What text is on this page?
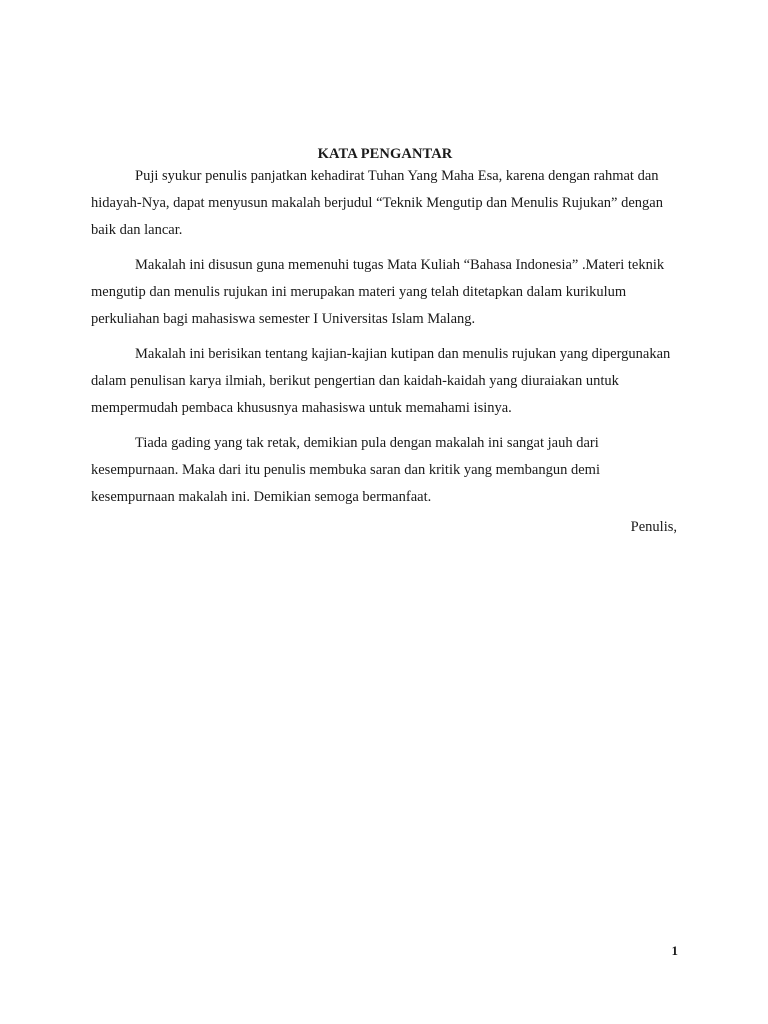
KATA PENGANTAR

Puji syukur penulis panjatkan kehadirat Tuhan Yang Maha Esa, karena dengan rahmat dan hidayah-Nya, dapat menyusun makalah berjudul “Teknik Mengutip dan Menulis Rujukan” dengan baik dan lancar.

Makalah ini disusun guna memenuhi tugas Mata Kuliah “Bahasa Indonesia” .Materi teknik mengutip dan menulis rujukan ini merupakan materi yang telah ditetapkan dalam kurikulum perkuliahan bagi mahasiswa semester I Universitas Islam Malang.

Makalah ini berisikan tentang kajian-kajian kutipan dan menulis rujukan yang dipergunakan dalam penulisan karya ilmiah, berikut pengertian dan kaidah-kaidah yang diuraiakan untuk mempermudah pembaca khususnya mahasiswa untuk memahami isinya.

Tiada gading yang tak retak, demikian pula dengan makalah ini sangat jauh dari kesempurnaan. Maka dari itu penulis membuka saran dan kritik yang membangun demi kesempurnaan makalah ini. Demikian semoga bermanfaat.

Penulis,
1
